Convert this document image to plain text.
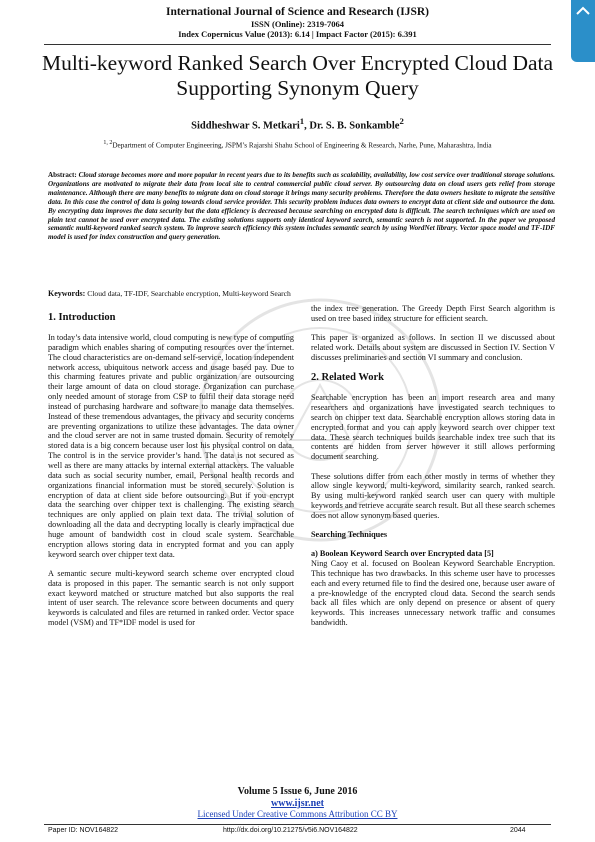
International Journal of Science and Research (IJSR)
ISSN (Online): 2319-7064
Index Copernicus Value (2013): 6.14 | Impact Factor (2015): 6.391
Multi-keyword Ranked Search Over Encrypted Cloud Data Supporting Synonym Query
Siddheshwar S. Metkari$^1$, Dr. S. B. Sonkamble$^2$
$^{1, 2}$Department of Computer Engineering, JSPM’s Rajarshi Shahu School of Engineering & Research, Narhe, Pune, Maharashtra, India
Abstract: Cloud storage becomes more and more popular in recent years due to its benefits such as scalability, availability, low cost service over traditional storage solutions. Organizations are motivated to migrate their data from local site to central commercial public cloud server. By outsourcing data on cloud users gets relief from storage maintenance. Although there are many benefits to migrate data on cloud storage it brings many security problems. Therefore the data owners hesitate to migrate the sensitive data. In this case the control of data is going towards cloud service provider. This security problem induces data owners to encrypt data at client side and outsource the data. By encrypting data improves the data security but the data efficiency is decreased because searching on encrypted data is difficult. The search techniques which are used on plain text cannot be used over encrypted data. The existing solutions supports only identical keyword search, semantic search is not supported. In the paper we proposed semantic multi-keyword ranked search system. To improve search efficiency this system includes semantic search by using WordNet library. Vector space model and TF-IDF model is used for index construction and query generation.
Keywords: Cloud data, TF-IDF, Searchable encryption, Multi-keyword Search
1. Introduction

In today’s data intensive world, cloud computing is new type of computing paradigm which enables sharing of computing resources over the internet. The cloud characteristics are on-demand self-service, location independent network access, ubiquitous network access and usage based pay. Due to this charming features private and public organization are outsourcing their large amount of data on cloud storage. Organization can purchase only needed amount of storage from CSP to fulfil their data storage need instead of purchasing hardware and software to manage data themselves. Instead of these tremendous advantages, the privacy and security concerns are preventing organizations to utilize these advantages. The data owner and the cloud server are not in same trusted domain. Security of remotely stored data is a big concern because user lost his physical control on data. The control is in the service provider’s hand. The data is not secured as well as there are many attacks by internal external attackers. The valuable data such as social security number, email, Personal health records and organizations financial information must be stored securely. Solution is encryption of data at client side before outsourcing. But if you encrypt data the searching over chipper text is challenging. The existing search techniques are only applied on plain text data. The trivial solution of downloading all the data and decrypting locally is clearly impractical due huge amount of bandwidth cost in cloud scale system. Searchable encryption allows storing data in encrypted format and you can apply keyword search over chipper text data.

A semantic secure multi-keyword search scheme over encrypted cloud data is proposed in this paper. The semantic search is not only support exact keyword matched or structure matched but also supports the real intent of user search. The relevance score between documents and query keywords is calculated and files are returned in ranked order. Vector space model (VSM) and TF*IDF model is used for

the index tree generation. The Greedy Depth First Search algorithm is used on tree based index structure for efficient search.

This paper is organized as follows. In section II we discussed about related work. Details about system are discussed in Section IV. Section V discusses preliminaries and section VI summary and conclusion.

2. Related Work

Searchable encryption has been an import research area and many researchers and organizations have investigated search techniques to search on chipper text data. Searchable encryption allows storing data in encrypted format and you can apply keyword search over chipper text data. These search techniques builds searchable index tree such that its contents are hidden from server however it still allows performing document searching.

These solutions differ from each other mostly in terms of whether they allow single keyword, multi-keyword, similarity search, ranked search. By using multi-keyword ranked search user can query with multiple keywords and retrieve accurate search result. But all these search schemes does not allow synonym based queries.

Searching Techniques
a) Boolean Keyword Search over Encrypted data [5]

Ning Caoy et al. focused on Boolean Keyword Searchable Encryption. This technique has two drawbacks. In this scheme user have to processes each and every returned file to find the desired one, because user aware of a pre-knowledge of the encrypted cloud data. Second the search sends back all files which are only depend on presence or absent of query keywords. This increases unnecessary network traffic and consumes bandwidth.

Volume 5 Issue 6, June 2016
www.ijsr.net
Licensed Under Creative Commons Attribution CC BY
Paper ID: NOV164822	http://dx.doi.org/10.21275/v5i6.NOV164822	2044
